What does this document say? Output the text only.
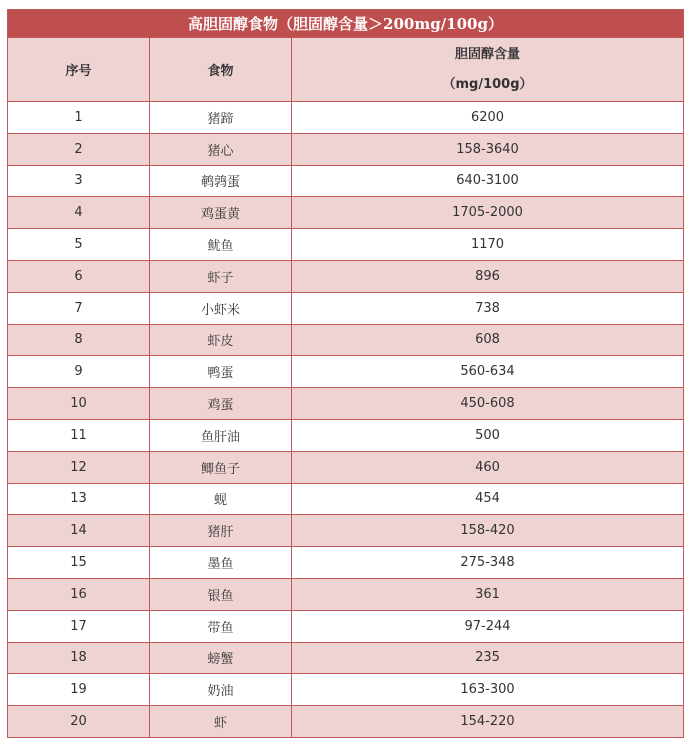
高胆固醇食物（胆固醇含量＞200mg/100g）		
序号	食物	胆固醇含量
（mg/100g）

1	猪蹄	6200
2	猪心	158-3640
3	鹌鹑蛋	640-3100
4	鸡蛋黄	1705-2000
5	鱿鱼	1170
6	虾子	896
7	小虾米	738
8	虾皮	608
9	鸭蛋	560-634
10	鸡蛋	450-608
11	鱼肝油	500
12	鲫鱼子	460
13	蚬	454
14	猪肝	158-420
15	墨鱼	275-348
16	银鱼	361
17	带鱼	97-244
18	螃蟹	235
19	奶油	163-300
20	虾	154-220
